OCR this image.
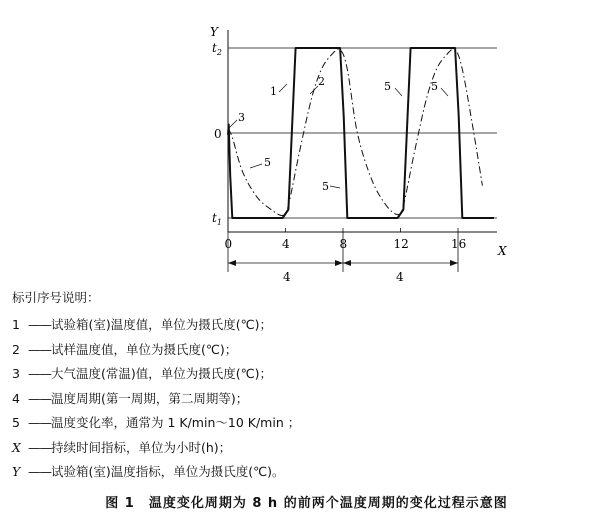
Y
$t_2$
0
$t_1$
X
0	4	8	12	16
4	4
1
2
3
5
5
5	5
标引序号说明：
1 ——试验箱(室)温度值，单位为摄氏度(℃)；
2 ——试样温度值，单位为摄氏度(℃)；
3 ——大气温度(常温)值，单位为摄氏度(℃)；
4 ——温度周期(第一周期，第二周期等)；
5 ——温度变化率，通常为 1 K/min～10 K/min ；
X ——持续时间指标，单位为小时(h)；
Y ——试验箱(室)温度指标，单位为摄氏度(℃)。
图 1　温度变化周期为 8 h 的前两个温度周期的变化过程示意图
